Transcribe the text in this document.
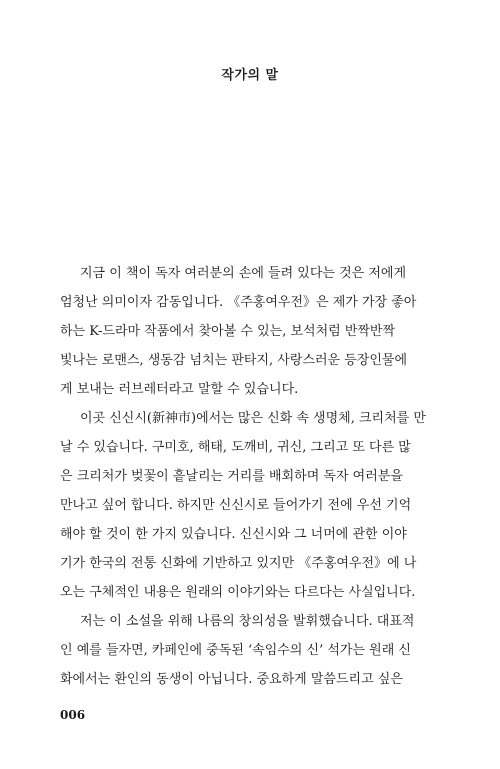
작가의 말
지금 이 책이 독자 여러분의 손에 들려 있다는 것은 저에게
엄청난 의미이자 감동입니다. 《주홍여우전》은 제가 가장 좋아
하는 K-드라마 작품에서 찾아볼 수 있는, 보석처럼 반짝반짝
빛나는 로맨스, 생동감 넘치는 판타지, 사랑스러운 등장인물에
게 보내는 러브레터라고 말할 수 있습니다.
이곳 신신시(新神市)에서는 많은 신화 속 생명체, 크리처를 만
날 수 있습니다. 구미호, 해태, 도깨비, 귀신, 그리고 또 다른 많
은 크리처가 벚꽃이 흩날리는 거리를 배회하며 독자 여러분을
만나고 싶어 합니다. 하지만 신신시로 들어가기 전에 우선 기억
해야 할 것이 한 가지 있습니다. 신신시와 그 너머에 관한 이야
기가 한국의 전통 신화에 기반하고 있지만 《주홍여우전》에 나
오는 구체적인 내용은 원래의 이야기와는 다르다는 사실입니다.
저는 이 소설을 위해 나름의 창의성을 발휘했습니다. 대표적
인 예를 들자면, 카페인에 중독된 ‘속임수의 신’ 석가는 원래 신
화에서는 환인의 동생이 아닙니다. 중요하게 말씀드리고 싶은
006
